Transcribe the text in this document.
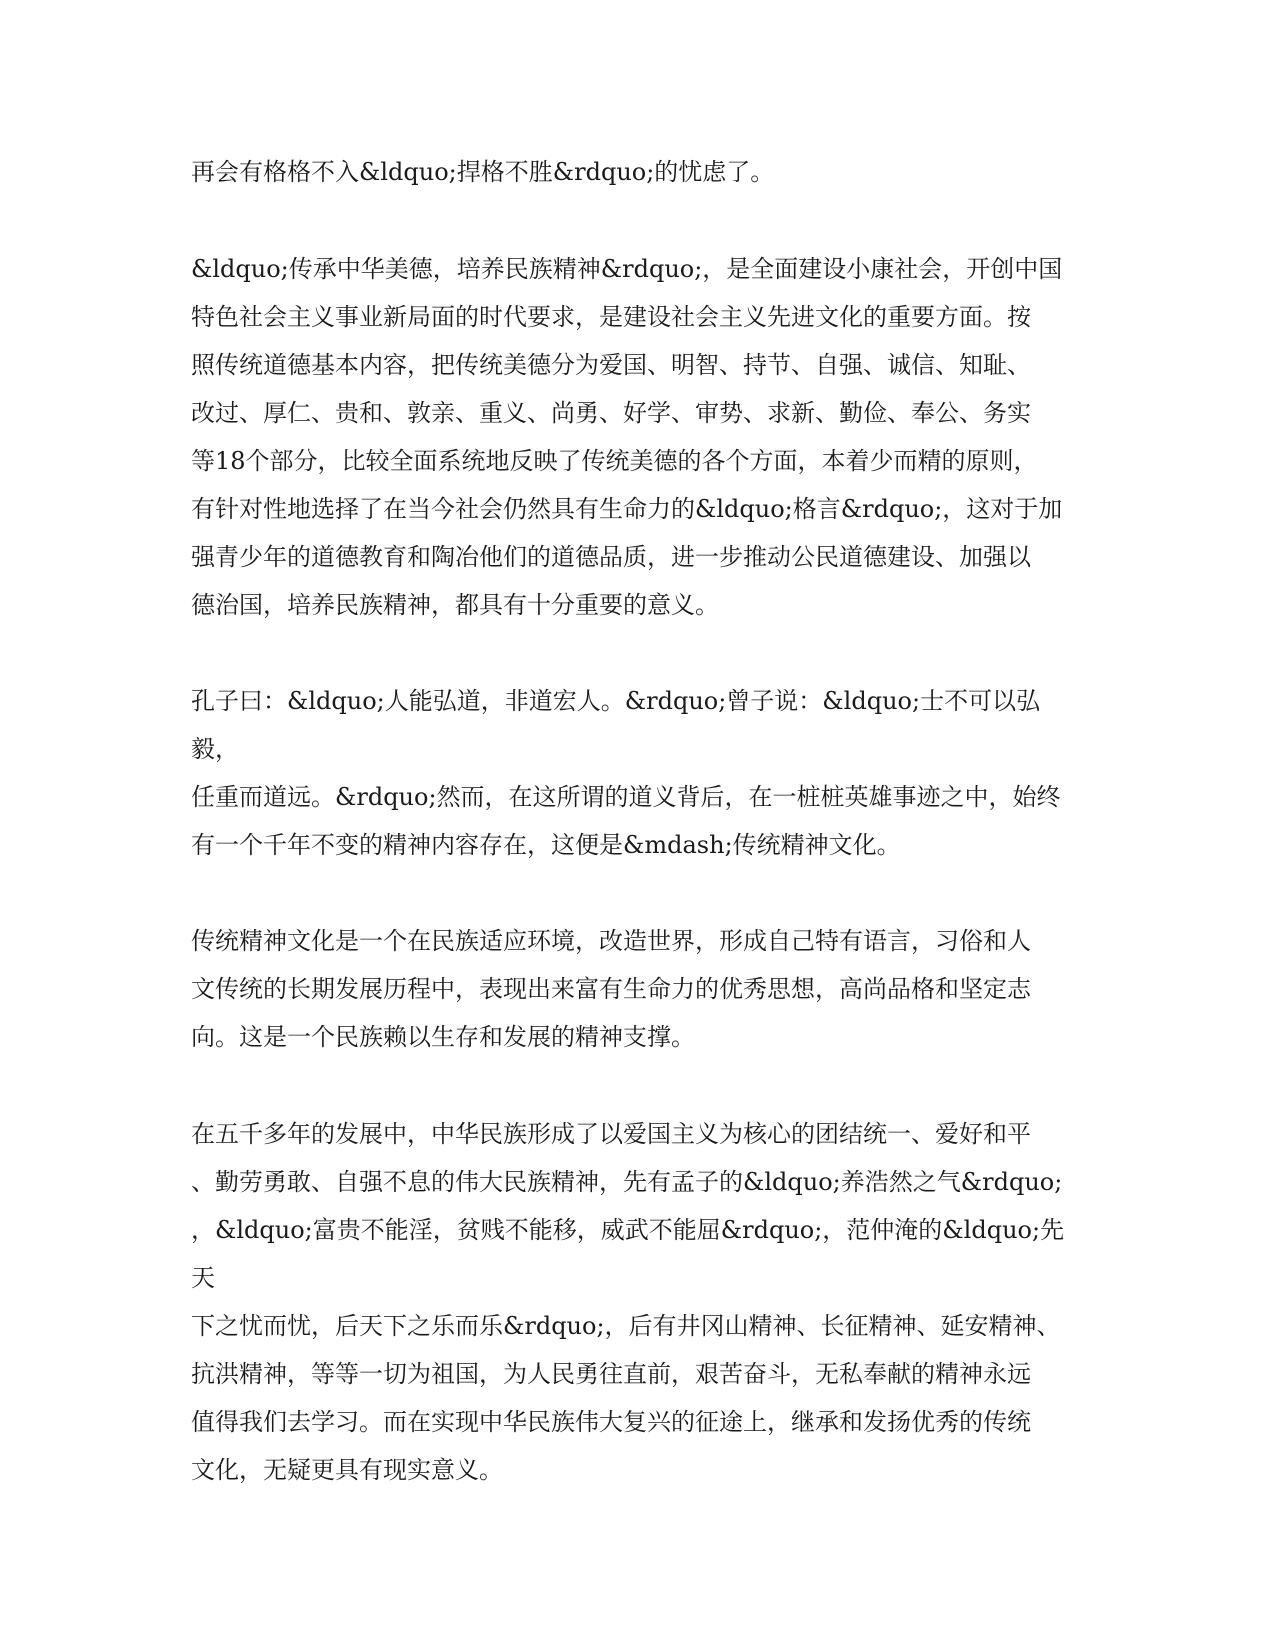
再会有格格不入&ldquo;捍格不胜&rdquo;的忧虑了。

&ldquo;传承中华美德，培养民族精神&rdquo;，是全面建设小康社会，开创中国
特色社会主义事业新局面的时代要求，是建设社会主义先进文化的重要方面。按
照传统道德基本内容，把传统美德分为爱国、明智、持节、自强、诚信、知耻、
改过、厚仁、贵和、敦亲、重义、尚勇、好学、审势、求新、勤俭、奉公、务实
等18个部分，比较全面系统地反映了传统美德的各个方面，本着少而精的原则，
有针对性地选择了在当今社会仍然具有生命力的&ldquo;格言&rdquo;，这对于加
强青少年的道德教育和陶冶他们的道德品质，进一步推动公民道德建设、加强以
德治国，培养民族精神，都具有十分重要的意义。

孔子曰：&ldquo;人能弘道，非道宏人。&rdquo;曾子说：&ldquo;士不可以弘毅，
任重而道远。&rdquo;然而，在这所谓的道义背后，在一桩桩英雄事迹之中，始终
有一个千年不变的精神内容存在，这便是&mdash;传统精神文化。

传统精神文化是一个在民族适应环境，改造世界，形成自己特有语言，习俗和人
文传统的长期发展历程中，表现出来富有生命力的优秀思想，高尚品格和坚定志
向。这是一个民族赖以生存和发展的精神支撑。

在五千多年的发展中，中华民族形成了以爱国主义为核心的团结统一、爱好和平
、勤劳勇敢、自强不息的伟大民族精神，先有孟子的&ldquo;养浩然之气&rdquo;
，&ldquo;富贵不能淫，贫贱不能移，威武不能屈&rdquo;，范仲淹的&ldquo;先天
下之忧而忧，后天下之乐而乐&rdquo;，后有井冈山精神、长征精神、延安精神、
抗洪精神，等等一切为祖国，为人民勇往直前，艰苦奋斗，无私奉献的精神永远
值得我们去学习。而在实现中华民族伟大复兴的征途上，继承和发扬优秀的传统
文化，无疑更具有现实意义。
